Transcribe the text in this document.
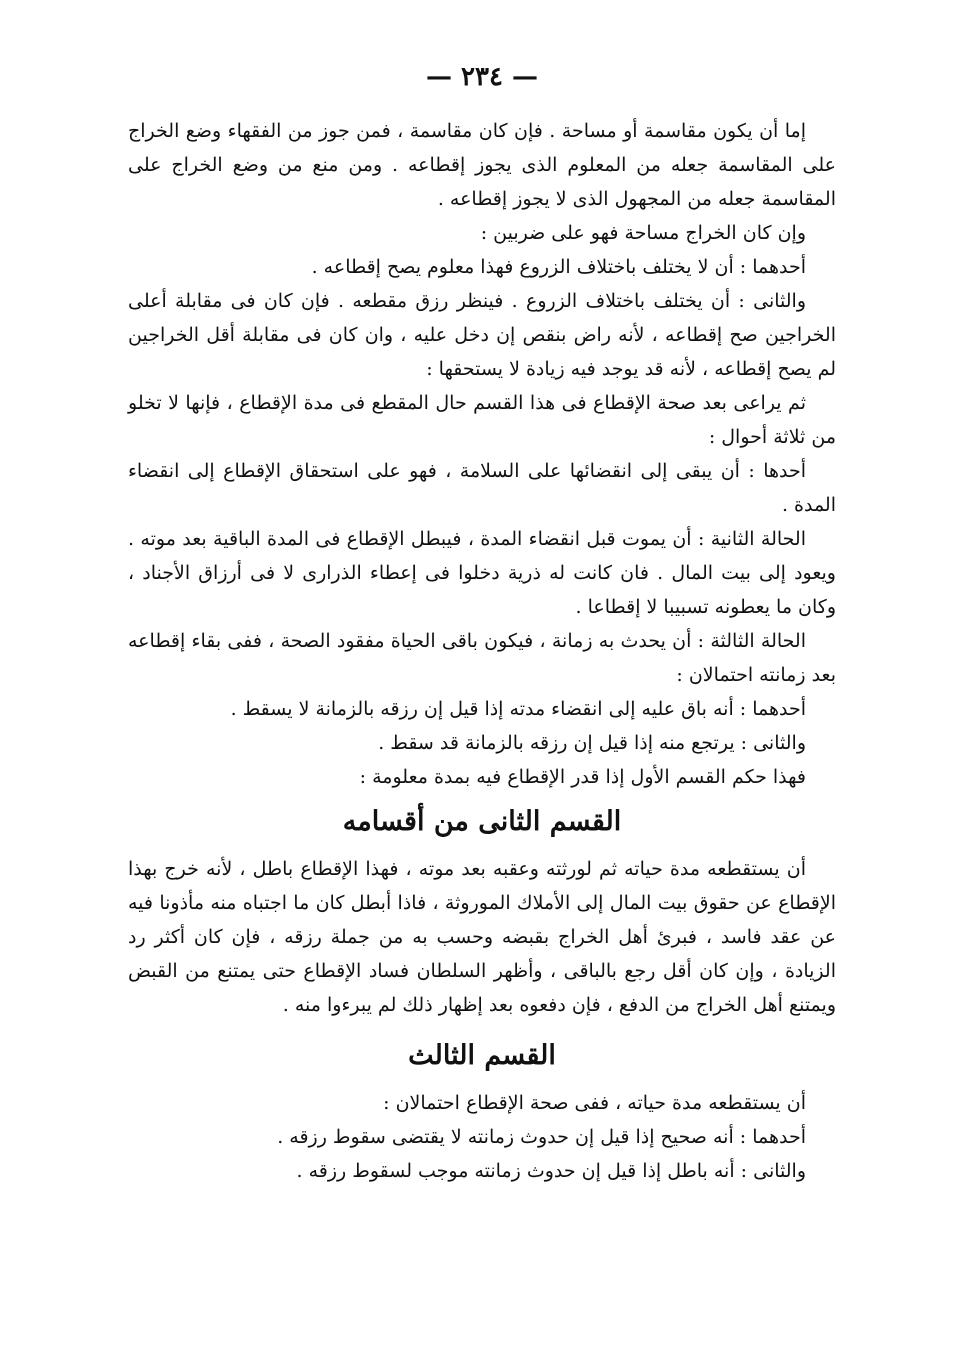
— ٢٣٤ —

إما أن يكون مقاسمة أو مساحة . فإن كان مقاسمة ، فمن جوز من الفقهاء وضع الخراج على المقاسمة جعله من المعلوم الذى يجوز إقطاعه . ومن منع من وضع الخراج على المقاسمة جعله من المجهول الذى لا يجوز إقطاعه .

وإن كان الخراج مساحة فهو على ضربين :

أحدهما : أن لا يختلف باختلاف الزروع فهذا معلوم يصح إقطاعه .

والثانى : أن يختلف باختلاف الزروع . فينظر رزق مقطعه . فإن كان فى مقابلة أعلى الخراجين صح إقطاعه ، لأنه راض بنقص إن دخل عليه ، وان كان فى مقابلة أقل الخراجين لم يصح إقطاعه ، لأنه قد يوجد فيه زيادة لا يستحقها :

ثم يراعى بعد صحة الإقطاع فى هذا القسم حال المقطع فى مدة الإقطاع ، فإنها لا تخلو من ثلاثة أحوال :

أحدها : أن يبقى إلى انقضائها على السلامة ، فهو على استحقاق الإقطاع إلى انقضاء المدة .

الحالة الثانية : أن يموت قبل انقضاء المدة ، فيبطل الإقطاع فى المدة الباقية بعد موته . ويعود إلى بيت المال . فان كانت له ذرية دخلوا فى إعطاء الذرارى لا فى أرزاق الأجناد ، وكان ما يعطونه تسبيبا لا إقطاعا .

الحالة الثالثة : أن يحدث به زمانة ، فيكون باقى الحياة مفقود الصحة ، ففى بقاء إقطاعه بعد زمانته احتمالان :

أحدهما : أنه باق عليه إلى انقضاء مدته إذا قيل إن رزقه بالزمانة لا يسقط .

والثانى : يرتجع منه إذا قيل إن رزقه بالزمانة قد سقط .

فهذا حكم القسم الأول إذا قدر الإقطاع فيه بمدة معلومة :

القسم الثانى من أقسامه

أن يستقطعه مدة حياته ثم لورثته وعقبه بعد موته ، فهذا الإقطاع باطل ، لأنه خرج بهذا الإقطاع عن حقوق بيت المال إلى الأملاك الموروثة ، فاذا أبطل كان ما اجتباه منه مأذونا فيه عن عقد فاسد ، فبرئ أهل الخراج بقبضه وحسب به من جملة رزقه ، فإن كان أكثر رد الزيادة ، وإن كان أقل رجع بالباقى ، وأظهر السلطان فساد الإقطاع حتى يمتنع من القبض ويمتنع أهل الخراج من الدفع ، فإن دفعوه بعد إظهار ذلك لم يبرءوا منه .

القسم الثالث

أن يستقطعه مدة حياته ، ففى صحة الإقطاع احتمالان :

أحدهما : أنه صحيح إذا قيل إن حدوث زمانته لا يقتضى سقوط رزقه .

والثانى : أنه باطل إذا قيل إن حدوث زمانته موجب لسقوط رزقه .
